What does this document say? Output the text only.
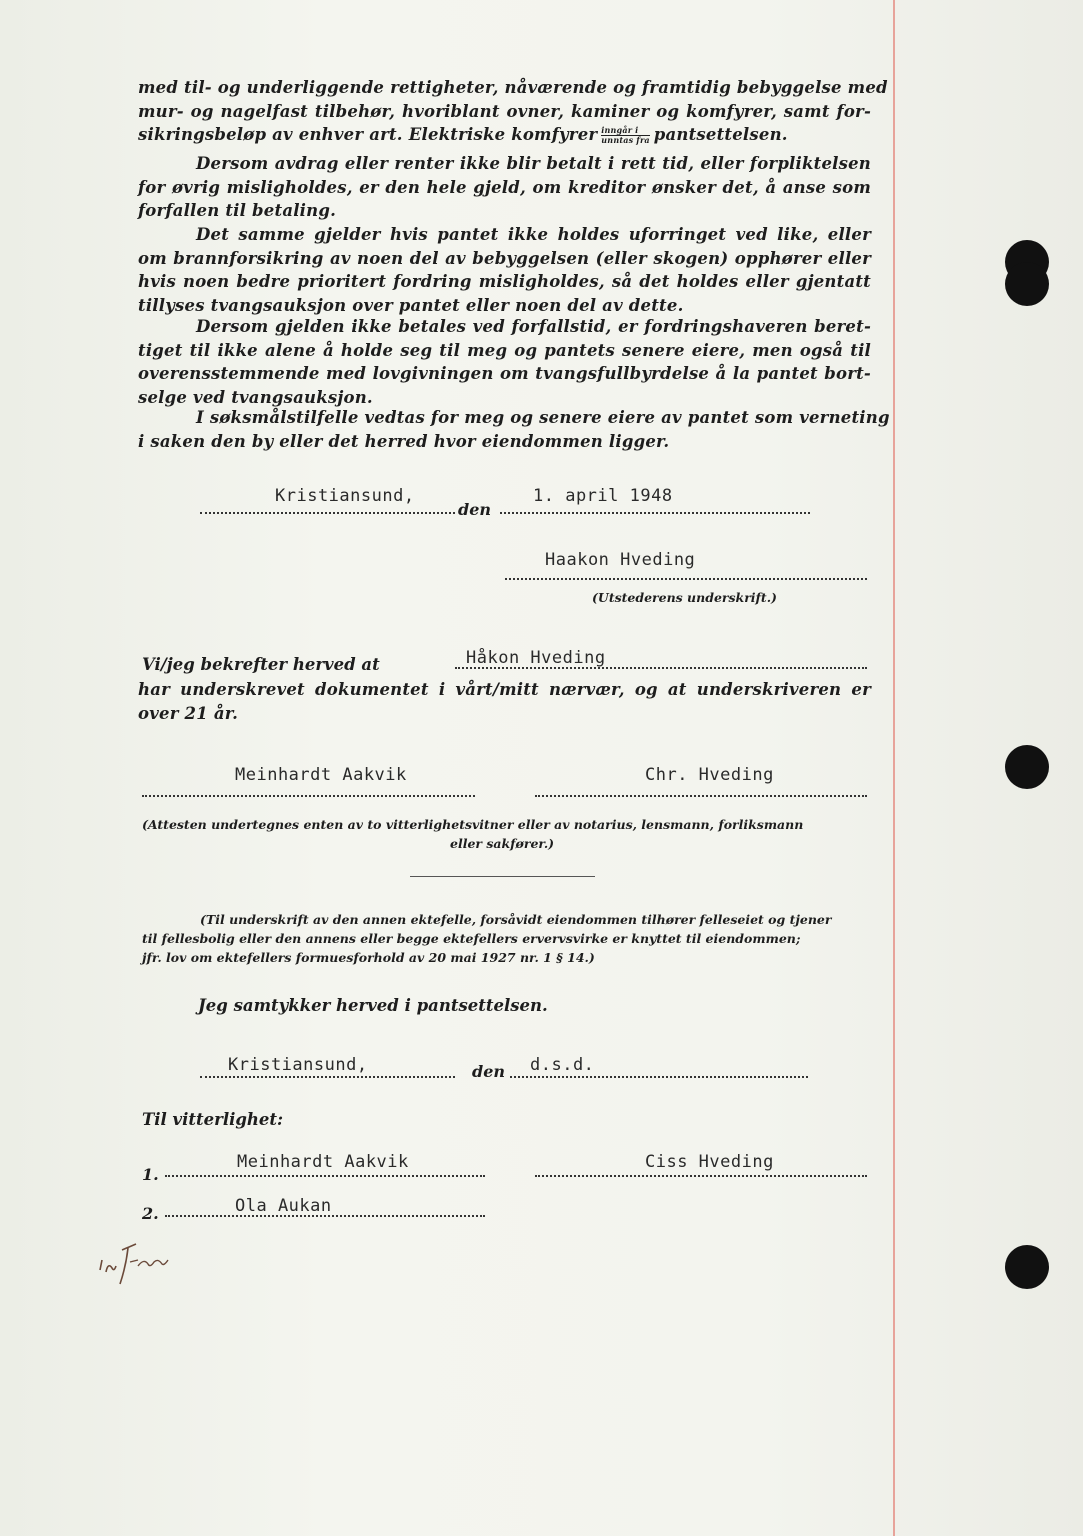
med til- og underliggende rettigheter, nåværende og framtidig bebyggelse med
mur- og nagelfast tilbehør, hvoriblant ovner, kaminer og komfyrer, samt for-
sikringsbeløp av enhver art. Elektriske komfyrer $\frac{\text{inngår i}}{\text{unntas fra}}$ pantsettelsen.
Dersom avdrag eller renter ikke blir betalt i rett tid, eller forpliktelsen
for øvrig misligholdes, er den hele gjeld, om kreditor ønsker det, å anse som
forfallen til betaling.
Det samme gjelder hvis pantet ikke holdes uforringet ved like, eller
om brannforsikring av noen del av bebyggelsen (eller skogen) opphører eller
hvis noen bedre prioritert fordring misligholdes, så det holdes eller gjentatt
tillyses tvangsauksjon over pantet eller noen del av dette.
Dersom gjelden ikke betales ved forfallstid, er fordringshaveren beret-
tiget til ikke alene å holde seg til meg og pantets senere eiere, men også til
overensstemmende med lovgivningen om tvangsfullbyrdelse å la pantet bort-
selge ved tvangsauksjon.
I søksmålstilfelle vedtas for meg og senere eiere av pantet som verneting
i saken den by eller det herred hvor eiendommen ligger.
Kristiansund,
den
1. april 1948
Haakon Hveding
(Utstederens underskrift.)
Vi/jeg bekrefter herved at	Håkon Hveding
har underskrevet dokumentet i vårt/mitt nærvær, og at underskriveren er
over 21 år.
Meinhardt Aakvik	Chr. Hveding
(Attesten undertegnes enten av to vitterlighetsvitner eller av notarius, lensmann, forliksmann
eller sakfører.)
(Til underskrift av den annen ektefelle, forsåvidt eiendommen tilhører felleseiet og tjener
til fellesbolig eller den annens eller begge ektefellers ervervsvirke er knyttet til eiendommen;
jfr. lov om ektefellers formuesforhold av 20 mai 1927 nr. 1 § 14.)
Jeg samtykker herved i pantsettelsen.
Kristiansund,	den d.s.d.
Til vitterlighet:
1.
Meinhardt Aakvik	Ciss Hveding
2.	Ola Aukan
